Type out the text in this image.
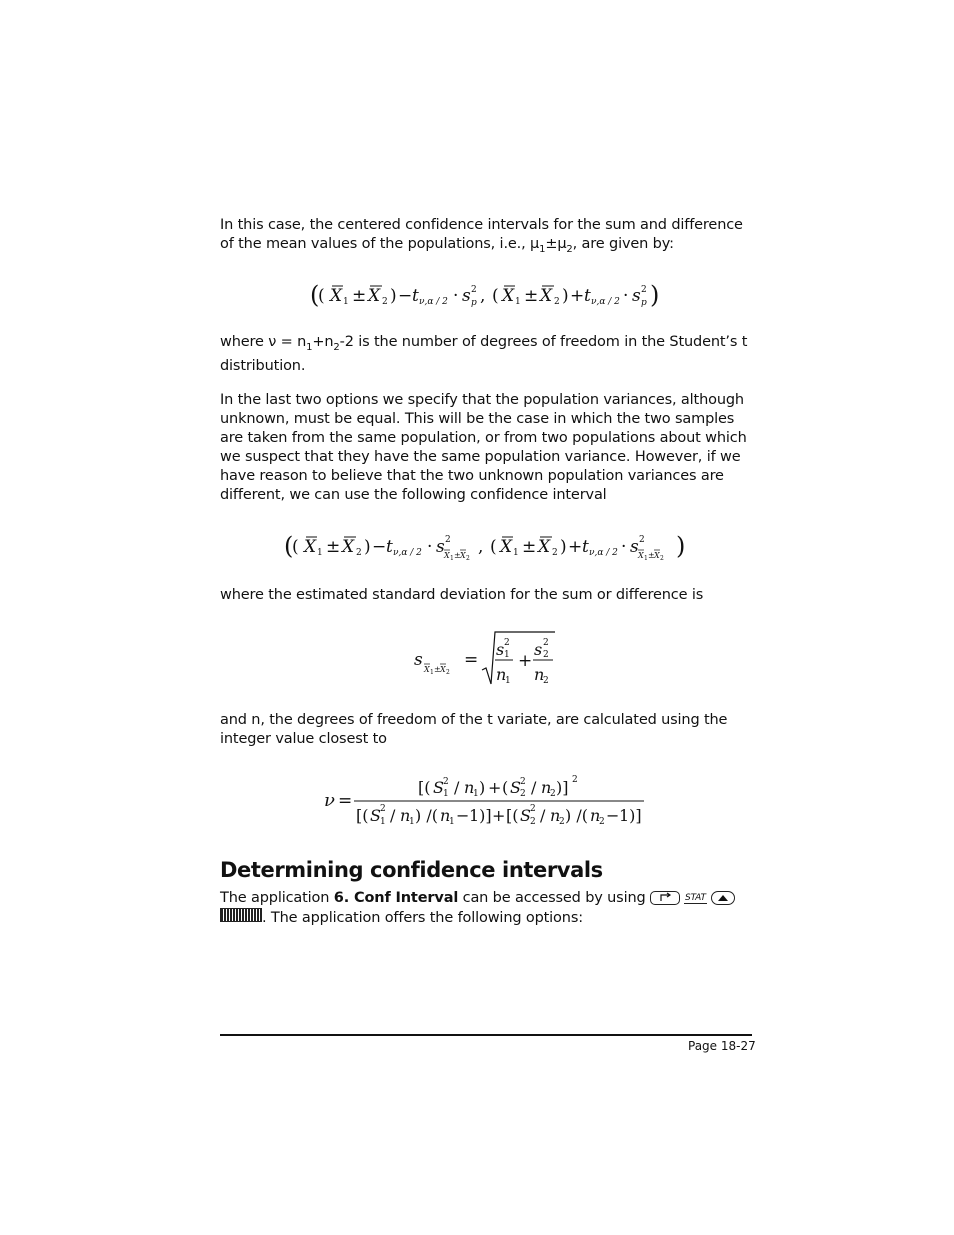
In this case, the centered confidence intervals for the sum and difference of the mean values of the populations, i.e., $\mu_1\pm\mu_2$, are given by:

(
( X 1 ± X 2 ) − t ν,α / 2 · s 2
p , ( X 1 ± X 2 ) + t ν,α / 2 · s 2
p )

where $\nu = n_1+n_2-2$ is the number of degrees of freedom in the Student’s t distribution.

In the last two options we specify that the population variances, although unknown, must be equal. This will be the case in which the two samples are taken from the same population, or from two populations about which we suspect that they have the same population variance. However, if we have reason to believe that the two unknown population variances are different, we can use the following confidence interval

(
( X 1 ± X 2 ) − t ν,α / 2 · s 2
X 1 ± X 2
, ( X 1 ± X 2 ) + t ν,α / 2 · s 2
X 1 ± X 2 )

where the estimated standard deviation for the sum or difference is

s X 1 ± X 2
=
s 2
1
n
1
+
s 2
2
n
2

and n, the degrees of freedom of the t variate, are calculated using the integer value closest to

ν =
[( S 2
1 / n
1 ) + ( S 2
2 / n
2 )] 2
[( S 2
1 / n
1 ) /( n
1 − 1)] + [( S 2
2 / n
2 ) /( n
2 − 1)]
Determining confidence intervals

The application 6. Conf Interval can be accessed by using	STAT

. The application offers the following options:

Page 18-27
